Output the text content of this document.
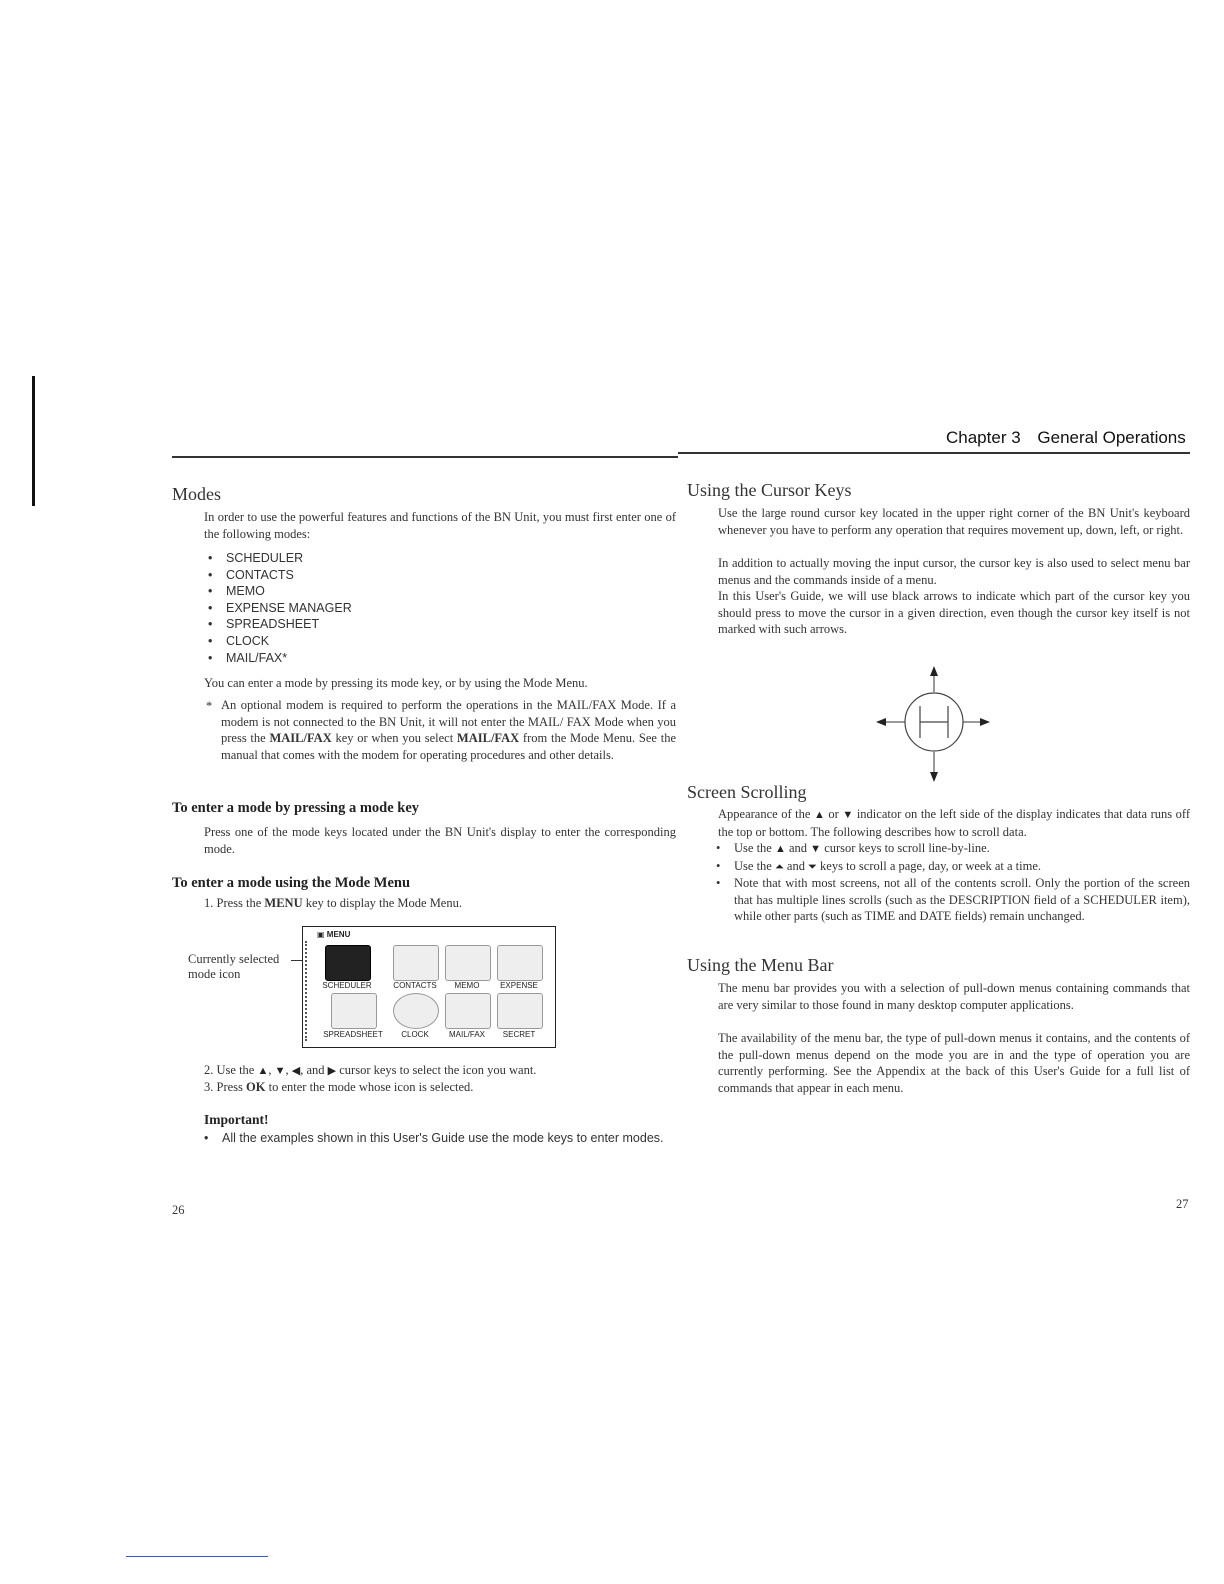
Chapter 3 General Operations
Modes

In order to use the powerful features and functions of the BN Unit, you must first enter one of the following modes:

• SCHEDULER
• CONTACTS
• MEMO
• EXPENSE MANAGER
• SPREADSHEET
• CLOCK
• MAIL/FAX*

You can enter a mode by pressing its mode key, or by using the Mode Menu.

* An optional modem is required to perform the operations in the MAIL/FAX Mode. If a modem is not connected to the BN Unit, it will not enter the MAIL/ FAX Mode when you press the MAIL/FAX key or when you select MAIL/FAX from the Mode Menu. See the manual that comes with the modem for operating procedures and other details.

To enter a mode by pressing a mode key

Press one of the mode keys located under the BN Unit's display to enter the corresponding mode.

To enter a mode using the Mode Menu

1. Press the MENU key to display the Mode Menu.

Currently selected mode icon

▣ MENU
SCHEDULER	CONTACTS	MEMO	EXPENSE
SPREADSHEET	CLOCK	MAIL/FAX	SECRET

2. Use the ▲, ▼, ◀, and ▶ cursor keys to select the icon you want.

3. Press OK to enter the mode whose icon is selected.

Important!

• All the examples shown in this User's Guide use the mode keys to enter modes.

26
Using the Cursor Keys

Use the large round cursor key located in the upper right corner of the BN Unit's keyboard whenever you have to perform any operation that requires movement up, down, left, or right.

In addition to actually moving the input cursor, the cursor key is also used to select menu bar menus and the commands inside of a menu.

In this User's Guide, we will use black arrows to indicate which part of the cursor key you should press to move the cursor in a given direction, even though the cursor key itself is not marked with such arrows.

Screen Scrolling

Appearance of the ▲ or ▼ indicator on the left side of the display indicates that data runs off the top or bottom. The following describes how to scroll data.

• Use the ▲ and ▼ cursor keys to scroll line-by-line.
• Use the ⏶ and ⏷ keys to scroll a page, day, or week at a time.
• Note that with most screens, not all of the contents scroll. Only the portion of the screen that has multiple lines scrolls (such as the DESCRIPTION field of a SCHEDULER item), while other parts (such as TIME and DATE fields) remain unchanged.
Using the Menu Bar

The menu bar provides you with a selection of pull-down menus containing commands that are very similar to those found in many desktop computer applications.

The availability of the menu bar, the type of pull-down menus it contains, and the contents of the pull-down menus depend on the mode you are in and the type of operation you are currently performing. See the Appendix at the back of this User's Guide for a full list of commands that appear in each menu.

27
